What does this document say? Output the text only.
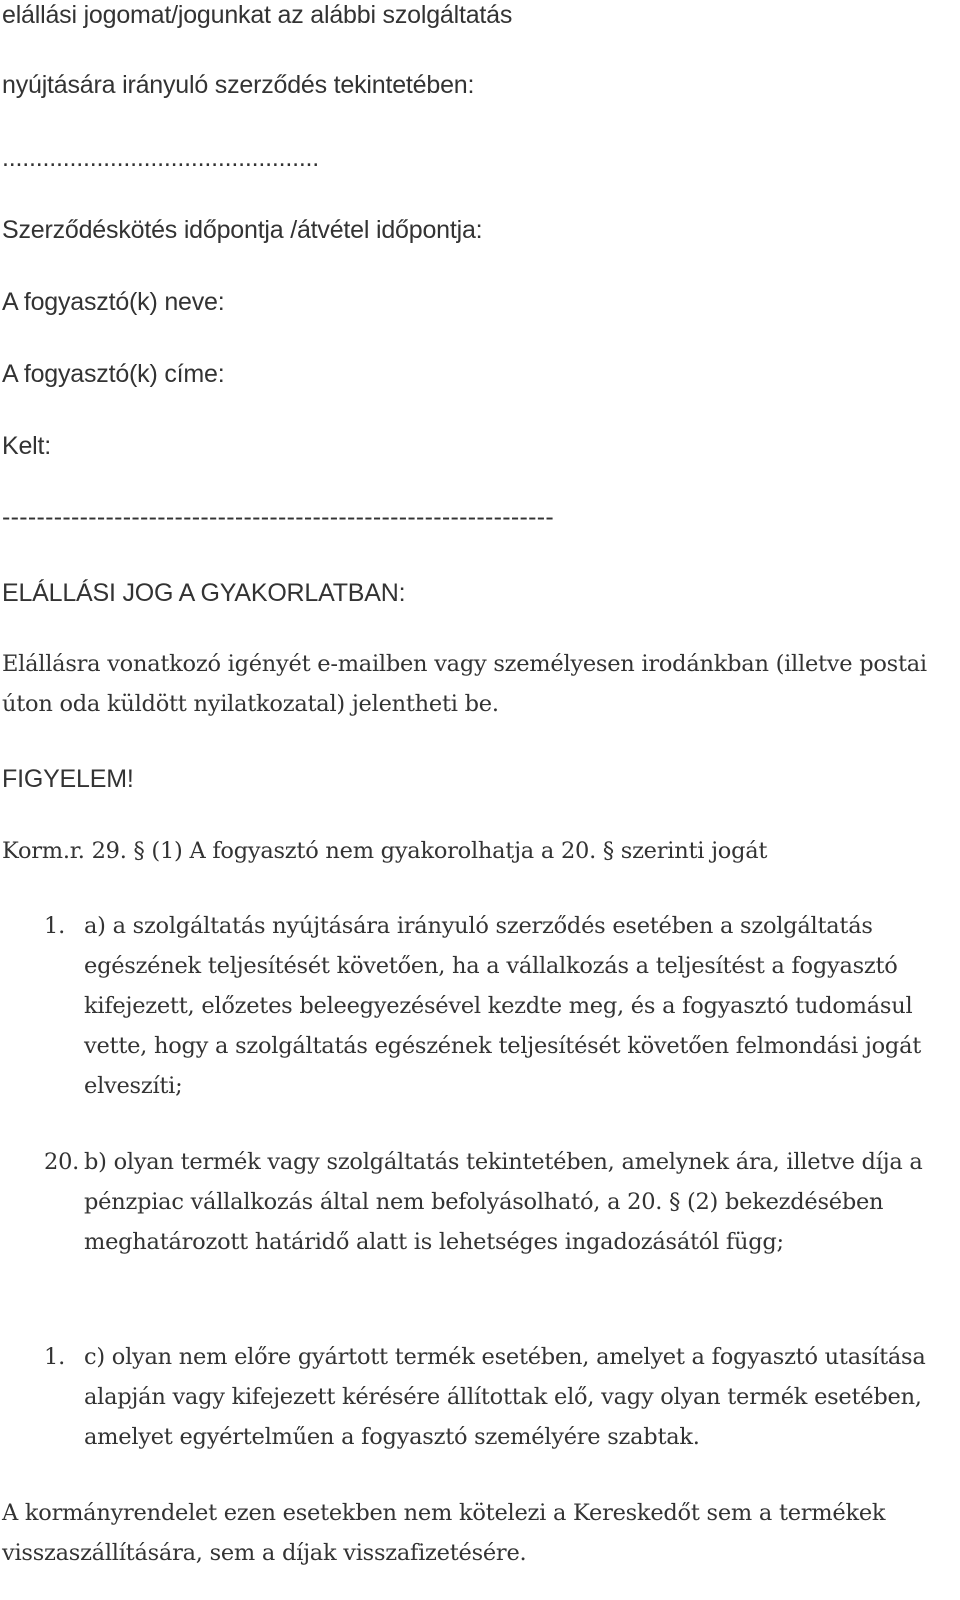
elállási jogomat/jogunkat az alábbi szolgáltatás
nyújtására irányuló szerződés tekintetében:
...............................................
Szerződéskötés időpontja /átvétel időpontja:
A fogyasztó(k) neve:
A fogyasztó(k) címe:
Kelt:
----------------------------------------------------------------
ELÁLLÁSI JOG A GYAKORLATBAN:

Elállásra vonatkozó igényét e-mailben vagy személyesen irodánkban (illetve postai úton oda küldött nyilatkozatal) jelentheti be.

FIGYELEM!
Korm.r. 29. § (1) A fogyasztó nem gyakorolhatja a 20. § szerinti jogát
1. a) a szolgáltatás nyújtására irányuló szerződés esetében a szolgáltatás egészének teljesítését követően, ha a vállalkozás a teljesítést a fogyasztó kifejezett, előzetes beleegyezésével kezdte meg, és a fogyasztó tudomásul vette, hogy a szolgáltatás egészének teljesítését követően felmondási jogát elveszíti;
20. b) olyan termék vagy szolgáltatás tekintetében, amelynek ára, illetve díja a pénzpiac vállalkozás által nem befolyásolható, a 20. § (2) bekezdésében meghatározott határidő alatt is lehetséges ingadozásától függ;
1. c) olyan nem előre gyártott termék esetében, amelyet a fogyasztó utasítása alapján vagy kifejezett kérésére állítottak elő, vagy olyan termék esetében, amelyet egyértelműen a fogyasztó személyére szabtak.

A kormányrendelet ezen esetekben nem kötelezi a Kereskedőt sem a termékek visszaszállítására, sem a díjak visszafizetésére.
